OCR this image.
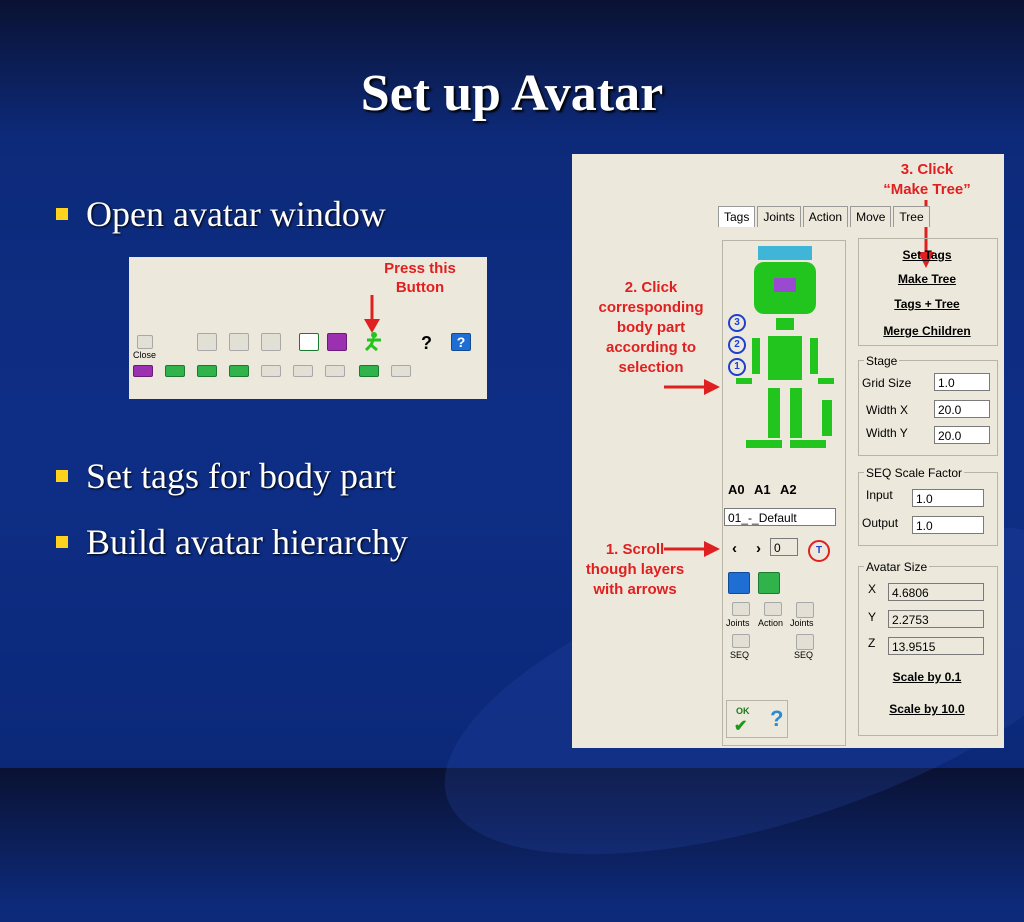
Set up Avatar
Open avatar window
Set tags for body part
Build avatar hierarchy
Press this
Button
Close
?	?
3. Click
“Make Tree”
2. Click
corresponding
body part
according to
selection
1. Scroll
though layers
with arrows
Tags	Joints	Action	Move	Tree
3
2
1
A0 A1 A2
01_-_Default
‹ ›	0	T
Joints Action Joints
SEQ	SEQ
OK
✔ ?
Set Tags
Make Tree
Tags + Tree
Merge Children
Stage
Grid Size	1.0
Width X	20.0
Width Y	20.0
SEQ Scale Factor
Input	1.0
Output	1.0
Avatar Size
X	4.6806
Y	2.2753
Z	13.9515
Scale by 0.1
Scale by 10.0
